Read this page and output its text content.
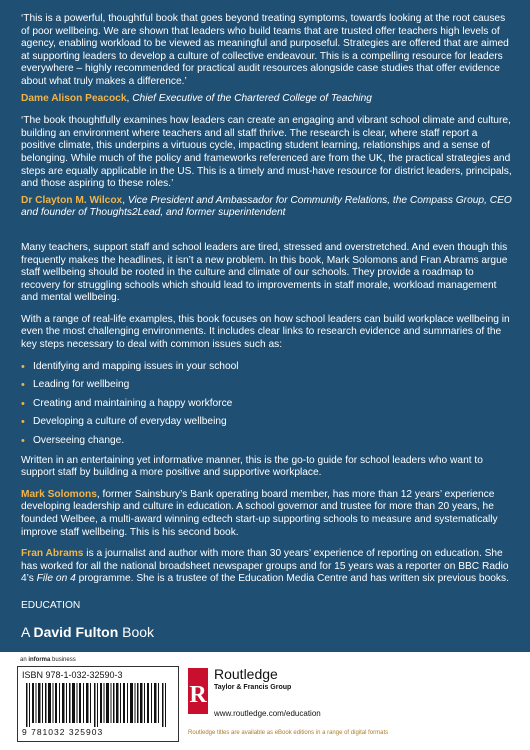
‘This is a powerful, thoughtful book that goes beyond treating symptoms, towards looking at the root causes of poor wellbeing. We are shown that leaders who build teams that are trusted offer teachers high levels of agency, enabling workload to be viewed as meaningful and purposeful. Strategies are offered that are aimed at supporting leaders to develop a culture of collective endeavour. This is a compelling resource for leaders everywhere – highly recommended for practical audit resources alongside case studies that offer evidence about what truly makes a difference.’

Dame Alison Peacock, Chief Executive of the Chartered College of Teaching

‘The book thoughtfully examines how leaders can create an engaging and vibrant school climate and culture, building an environment where teachers and all staff thrive. The research is clear, where staff report a positive climate, this underpins a virtuous cycle, impacting student learning, relationships and a sense of belonging. While much of the policy and frameworks referenced are from the UK, the practical strategies and steps are equally applicable in the US. This is a timely and must-have resource for district leaders, principals, and those aspiring to these roles.’

Dr Clayton M. Wilcox, Vice President and Ambassador for Community Relations, the Compass Group, CEO and founder of Thoughts2Lead, and former superintendent

Many teachers, support staff and school leaders are tired, stressed and overstretched. And even though this frequently makes the headlines, it isn’t a new problem. In this book, Mark Solomons and Fran Abrams argue staff wellbeing should be rooted in the culture and climate of our schools. They provide a roadmap to recovery for struggling schools which should lead to improvements in staff morale, workload management and mental wellbeing.

With a range of real-life examples, this book focuses on how school leaders can build workplace wellbeing in even the most challenging environments. It includes clear links to research evidence and summaries of the key steps necessary to deal with common issues such as:

• Identifying and mapping issues in your school
• Leading for wellbeing
• Creating and maintaining a happy workforce
• Developing a culture of everyday wellbeing
• Overseeing change.

Written in an entertaining yet informative manner, this is the go-to guide for school leaders who want to support staff by building a more positive and supportive workplace.

Mark Solomons, former Sainsbury’s Bank operating board member, has more than 12 years’ experience developing leadership and culture in education. A school governor and trustee for more than 20 years, he founded Welbee, a multi-award winning edtech start-up supporting schools to measure and systematically improve staff wellbeing. This is his second book.

Fran Abrams is a journalist and author with more than 30 years’ experience of reporting on education. She has worked for all the national broadsheet newspaper groups and for 15 years was a reporter on BBC Radio 4’s File on 4 programme. She is a trustee of the Education Media Centre and has written six previous books.

EDUCATION

A David Fulton Book
an informa business
ISBN 978-1-032-32590-3
9 781032 325903
R
Routledge
Taylor & Francis Group
www.routledge.com/education
Routledge titles are available as eBook editions in a range of digital formats
